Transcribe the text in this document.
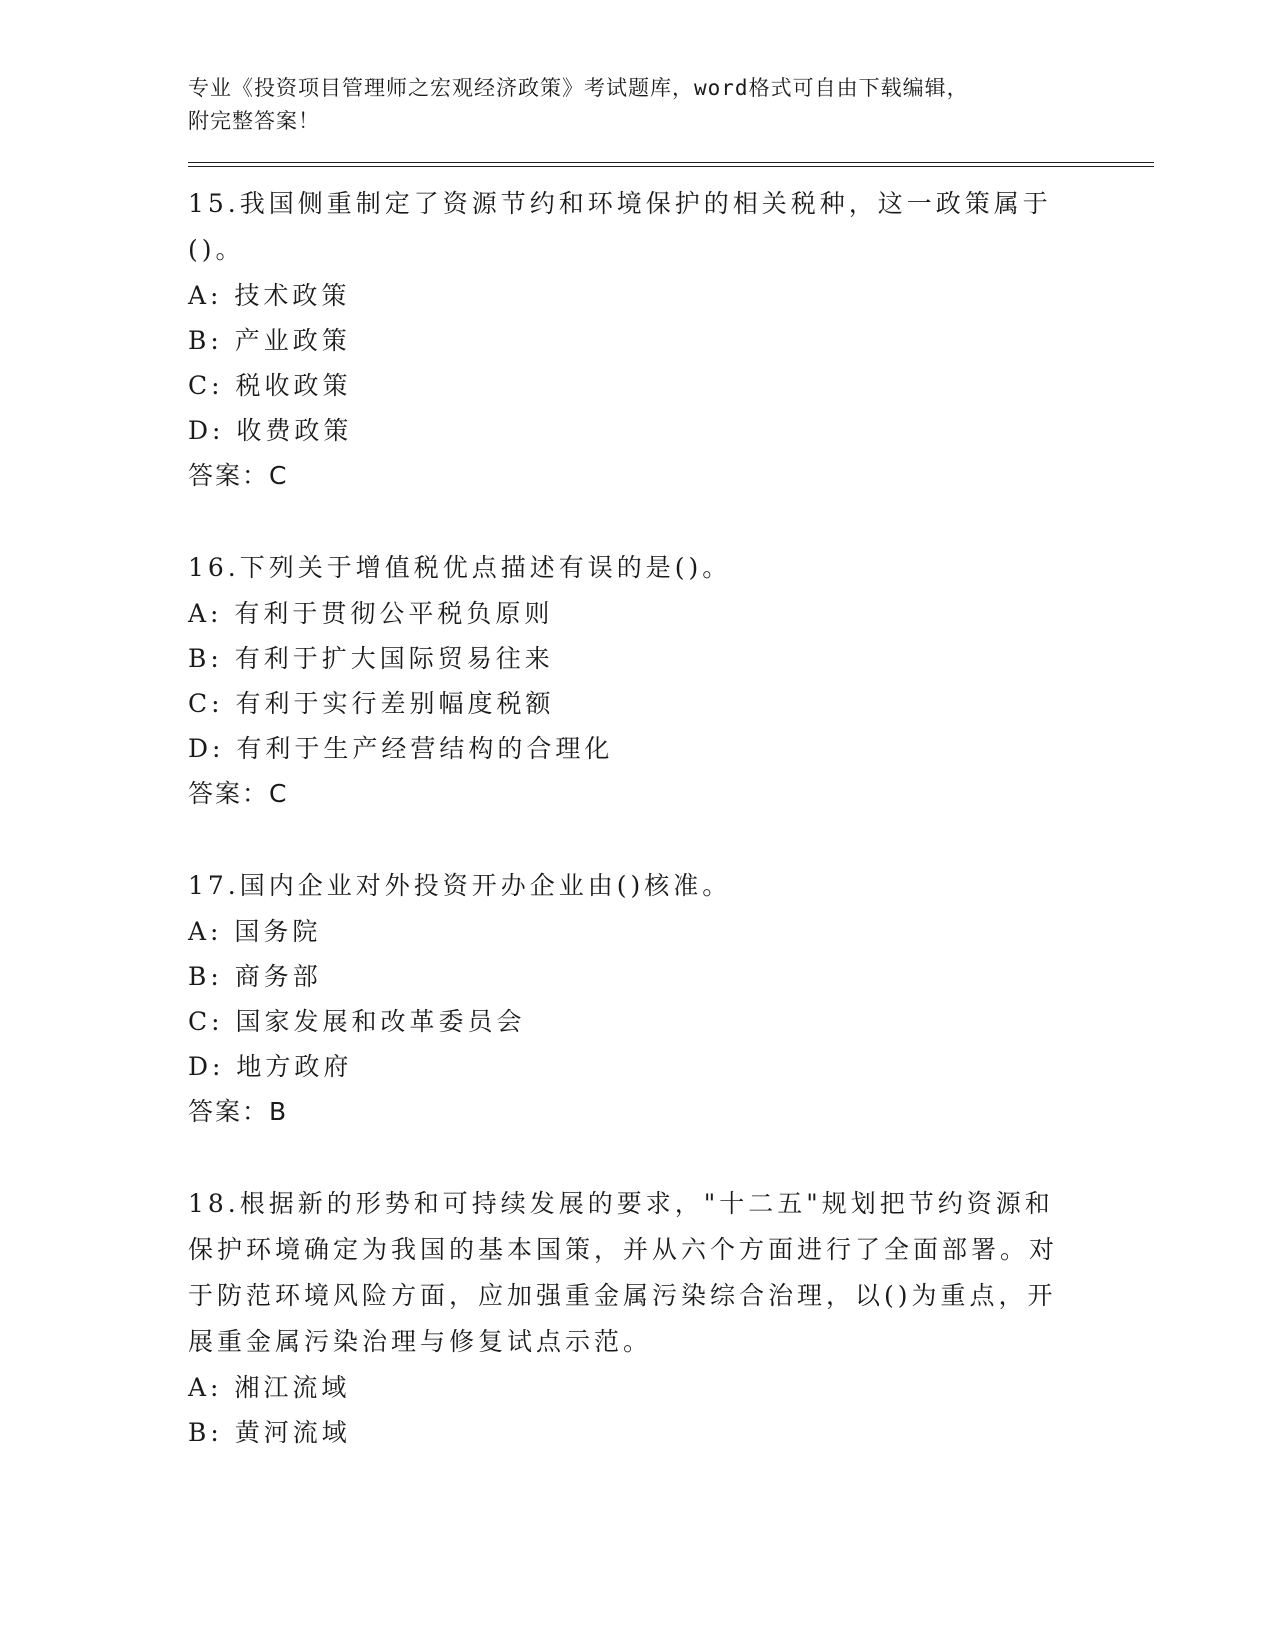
专业《投资项目管理师之宏观经济政策》考试题库，word格式可自由下载编辑，
附完整答案！
15.我国侧重制定了资源节约和环境保护的相关税种，这一政策属于()。
A: 技术政策
B: 产业政策
C: 税收政策
D: 收费政策
答案：C
16.下列关于增值税优点描述有误的是()。
A: 有利于贯彻公平税负原则
B: 有利于扩大国际贸易往来
C: 有利于实行差别幅度税额
D: 有利于生产经营结构的合理化
答案：C
17.国内企业对外投资开办企业由()核准。
A: 国务院
B: 商务部
C: 国家发展和改革委员会
D: 地方政府
答案：B
18.根据新的形势和可持续发展的要求，"十二五"规划把节约资源和保护环境确定为我国的基本国策，并从六个方面进行了全面部署。对于防范环境风险方面，应加强重金属污染综合治理，以()为重点，开展重金属污染治理与修复试点示范。
A: 湘江流域
B: 黄河流域
